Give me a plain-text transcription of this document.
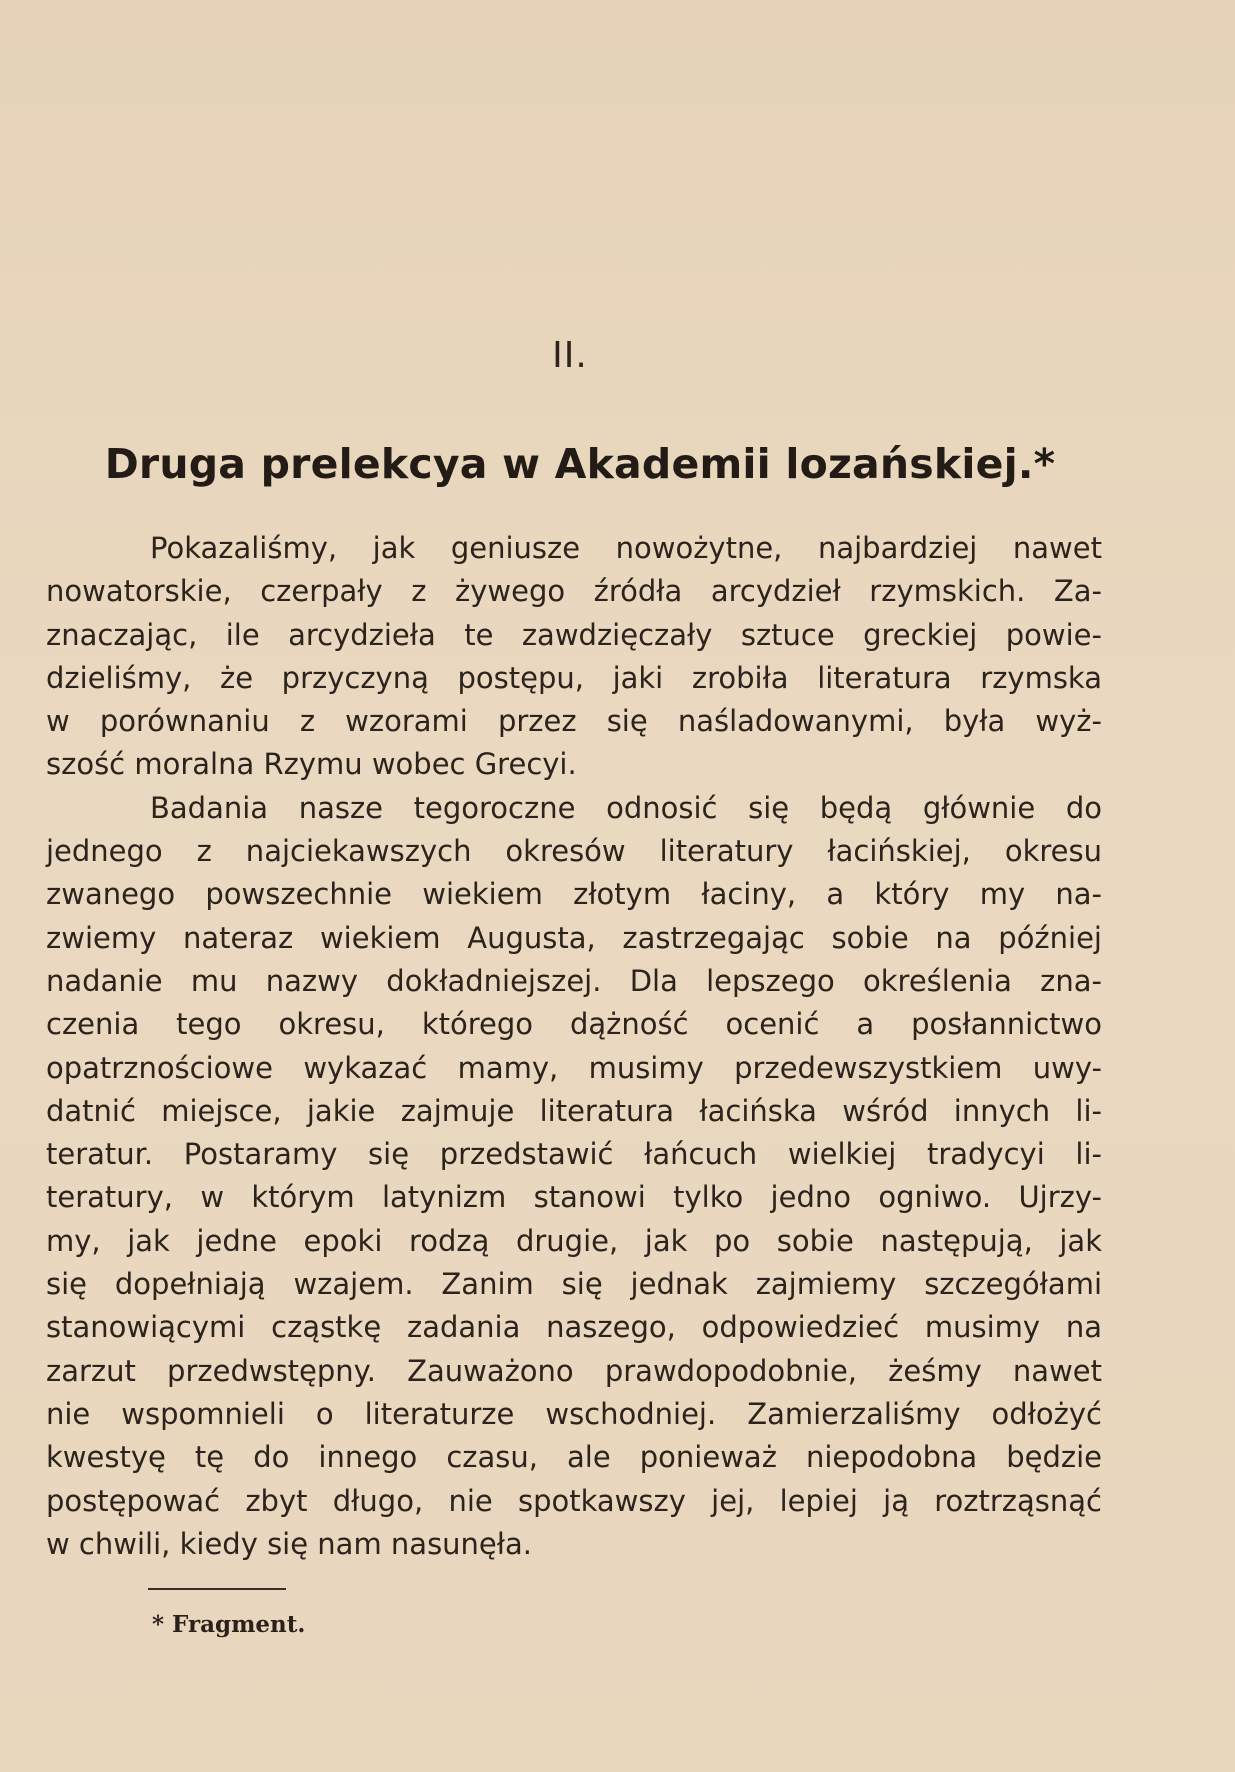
II.
Druga prelekcya w Akademii lozańskiej.*
Pokazaliśmy, jak geniusze nowożytne, najbardziej nawet
nowatorskie, czerpały z żywego źródła arcydzieł rzymskich. Za-
znaczając, ile arcydzieła te zawdzięczały sztuce greckiej powie-
dzieliśmy, że przyczyną postępu, jaki zrobiła literatura rzymska
w porównaniu z wzorami przez się naśladowanymi, była wyż-
szość moralna Rzymu wobec Grecyi.
Badania nasze tegoroczne odnosić się będą głównie do
jednego z najciekawszych okresów literatury łacińskiej, okresu
zwanego powszechnie wiekiem złotym łaciny, a który my na-
zwiemy nateraz wiekiem Augusta, zastrzegając sobie na później
nadanie mu nazwy dokładniejszej. Dla lepszego określenia zna-
czenia tego okresu, którego dążność ocenić a posłannictwo
opatrznościowe wykazać mamy, musimy przedewszystkiem uwy-
datnić miejsce, jakie zajmuje literatura łacińska wśród innych li-
teratur. Postaramy się przedstawić łańcuch wielkiej tradycyi li-
teratury, w którym latynizm stanowi tylko jedno ogniwo. Ujrzy-
my, jak jedne epoki rodzą drugie, jak po sobie następują, jak
się dopełniają wzajem. Zanim się jednak zajmiemy szczegółami
stanowiącymi cząstkę zadania naszego, odpowiedzieć musimy na
zarzut przedwstępny. Zauważono prawdopodobnie, żeśmy nawet
nie wspomnieli o literaturze wschodniej. Zamierzaliśmy odłożyć
kwestyę tę do innego czasu, ale ponieważ niepodobna będzie
postępować zbyt długo, nie spotkawszy jej, lepiej ją roztrząsnąć
w chwili, kiedy się nam nasunęła.
* Fragment.
